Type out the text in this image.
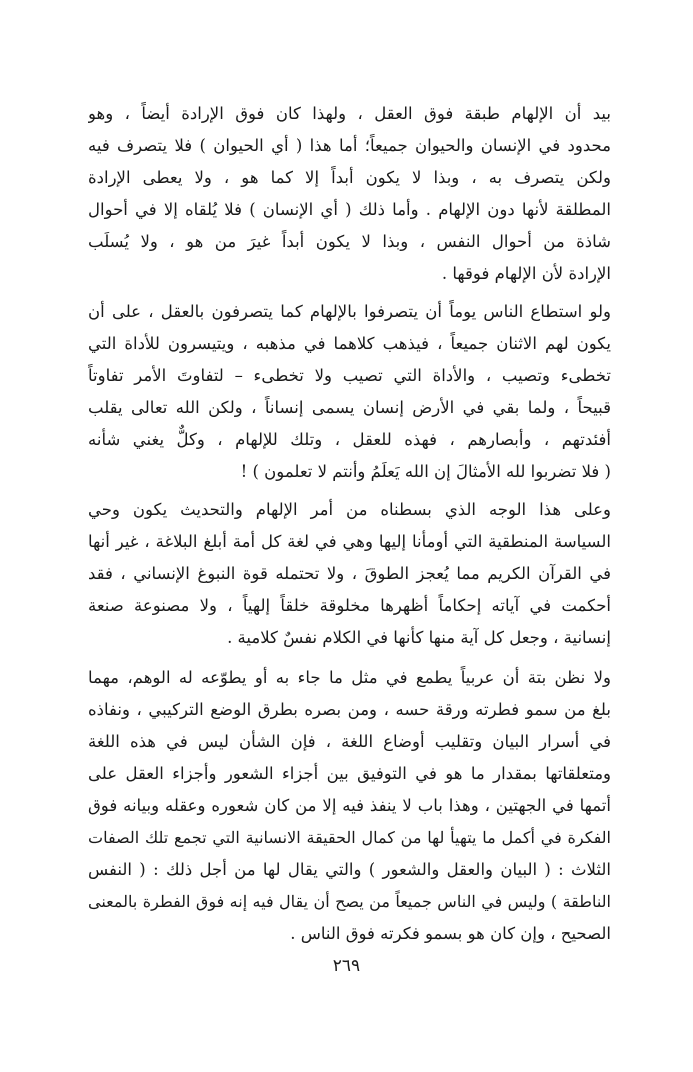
بيد أن الإلهام طبقة فوق العقل ، ولهذا كان فوق الإرادة أيضاً ، وهو
محدود في الإنسان والحيوان جميعاً؛ أما هذا ( أي الحيوان ) فلا يتصرف فيه
ولكن يتصرف به ، وبذا لا يكون أبداً إلا كما هو ، ولا يعطى الإرادة
المطلقة لأنها دون الإلهام . وأما ذلك ( أي الإنسان ) فلا يُلقاه إلا في أحوال
شاذة من أحوال النفس ، وبذا لا يكون أبداً غيرَ من هو ، ولا يُسلَب
الإرادة لأن الإلهام فوقها .
ولو استطاع الناس يوماً أن يتصرفوا بالإلهام كما يتصرفون بالعقل ، على أن
يكون لهم الاثنان جميعاً ، فيذهب كلاهما في مذهبه ، ويتيسرون للأداة التي
تخطىء وتصيب ، والأداة التي تصيب ولا تخطىء – لتفاوتَ الأمر تفاوتاً
قبيحاً ، ولما بقي في الأرض إنسان يسمى إنساناً ، ولكن الله تعالى يقلب
أفئدتهم ، وأبصارهم ، فهذه للعقل ، وتلك للإلهام ، وكلٌّ يغني شأنه
( فلا تضربوا لله الأمثالَ إن الله يَعلَمُ وأنتم لا تعلمون ) !
وعلى هذا الوجه الذي بسطناه من أمر الإلهام والتحديث يكون وحي
السياسة المنطقية التي أومأنا إليها وهي في لغة كل أمة أبلغ البلاغة ، غير أنها
في القرآن الكريم مما يُعجز الطوقَ ، ولا تحتمله قوة النبوغ الإنساني ، فقد
أحكمت في آياته إحكاماً أظهرها مخلوقة خلقاً إلهياً ، ولا مصنوعة صنعة
إنسانية ، وجعل كل آية منها كأنها في الكلام نفسٌ كلامية .
ولا نظن بتة أن عربياً يطمع في مثل ما جاء به أو يطوّعه له الوهم، مهما
بلغ من سمو فطرته ورقة حسه ، ومن بصره بطرق الوضع التركيبي ، ونفاذه
في أسرار البيان وتقليب أوضاع اللغة ، فإن الشأن ليس في هذه اللغة
ومتعلقاتها بمقدار ما هو في التوفيق بين أجزاء الشعور وأجزاء العقل على
أتمها في الجهتين ، وهذا باب لا ينفذ فيه إلا من كان شعوره وعقله وبيانه فوق
الفكرة في أكمل ما يتهيأ لها من كمال الحقيقة الانسانية التي تجمع تلك الصفات
الثلاث : ( البيان والعقل والشعور ) والتي يقال لها من أجل ذلك : ( النفس
الناطقة ) وليس في الناس جميعاً من يصح أن يقال فيه إنه فوق الفطرة بالمعنى
الصحيح ، وإن كان هو بسمو فكرته فوق الناس .
٢٦٩
